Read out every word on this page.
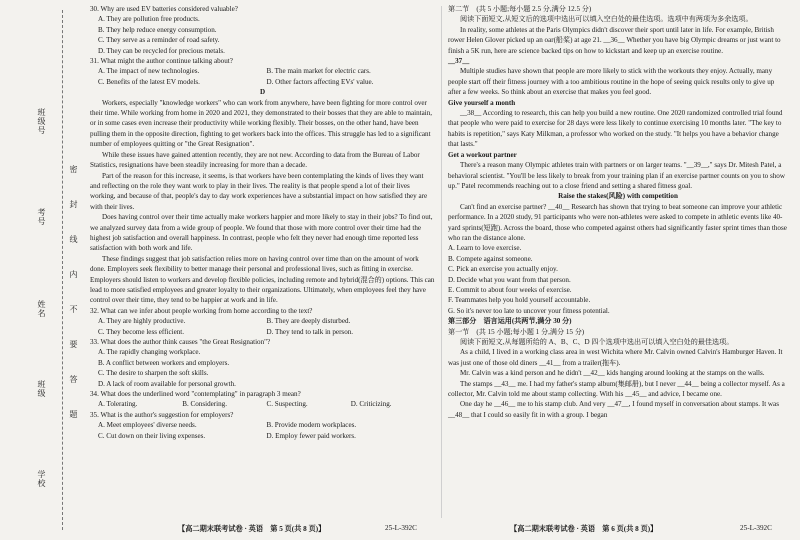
班级号
考号
姓名
班级
学校
密
封
线
内
不
要
答
题

30. Why are used EV batteries considered valuable?

A. They are pollution free products.

B. They help reduce energy consumption.

C. They serve as a reminder of road safety.

D. They can be recycled for precious metals.

31. What might the author continue talking about?

A. The impact of new technologies.	B. The main market for electric cars.
C. Benefits of the latest EV models.	D. Other factors affecting EVs' value.

D

Workers, especially "knowledge workers" who can work from anywhere, have been fighting for more control over their time. While working from home in 2020 and 2021, they demonstrated to their bosses that they are able to maintain, or in some cases even increase their productivity while working flexibly. Their bosses, on the other hand, have been pulling them in the opposite direction, fighting to get workers back into the offices. This struggle has led to a significant number of employees quitting or "the Great Resignation".

While these issues have gained attention recently, they are not new. According to data from the Bureau of Labor Statistics, resignations have been steadily increasing for more than a decade.

Part of the reason for this increase, it seems, is that workers have been contemplating the kinds of lives they want and reflecting on the role they want work to play in their lives. The reality is that people spend a lot of their lives working, and because of that, people's day to day work experiences have a substantial impact on how satisfied they are with their lives.

Does having control over their time actually make workers happier and more likely to stay in their jobs? To find out, we analyzed survey data from a wide group of people. We found that those with more control over their time had the highest job satisfaction and overall happiness. In contrast, people who felt they never had enough time reported less satisfaction with both work and life.

These findings suggest that job satisfaction relies more on having control over time than on the amount of work done. Employers seek flexibility to better manage their personal and professional lives, such as fitting in exercise. Employers should listen to workers and develop flexible policies, including remote and hybrid(混合的) options. This can lead to more satisfied employees and greater loyalty to their organizations. Ultimately, when employees feel they have control over their time, they tend to be happier at work and in life.

32. What can we infer about people working from home according to the text?

A. They are highly productive.	B. They are deeply disturbed.
C. They become less efficient.	D. They tend to talk in person.

33. What does the author think causes "the Great Resignation"?

A. The rapidly changing workplace.

B. A conflict between workers and employers.

C. The desire to sharpen the soft skills.

D. A lack of room available for personal growth.

34. What does the underlined word "contemplating" in paragraph 3 mean?

A. Tolerating.	B. Considering.	C. Suspecting.	D. Criticizing.

35. What is the author's suggestion for employers?

A. Meet employees' diverse needs.	B. Provide modern workplaces.
C. Cut down on their living expenses.	D. Employ fewer paid workers.

第二节　(共 5 小题;每小题 2.5 分,满分 12.5 分)

阅读下面短文,从短文后的选项中选出可以填入空白处的最佳选项。选项中有两项为多余选项。

In reality, some athletes at the Paris Olympics didn't discover their sport until later in life. For example, British rower Helen Glover picked up an oar(船桨) at age 21. __36__ Whether you have big Olympic dreams or just want to finish a 5K run, here are science backed tips on how to kickstart and keep up an exercise routine.

__37__

Multiple studies have shown that people are more likely to stick with the workouts they enjoy. Actually, many people start off their fitness journey with a too ambitious routine in the hope of seeing quick results only to give up after a few weeks. So think about an exercise that makes you feel good.

Give yourself a month

__38__ According to research, this can help you build a new routine. One 2020 randomized controlled trial found that people who were paid to exercise for 28 days were less likely to continue exercising 10 months later. "The key to habits is repetition," says Katy Milkman, a professor who worked on the study. "It helps you have a behavior change that lasts."

Get a workout partner

There's a reason many Olympic athletes train with partners or on larger teams. "__39__," says Dr. Mitesh Patel, a behavioral scientist. "You'll be less likely to break from your training plan if an exercise partner counts on you to show up." Patel recommends reaching out to a close friend and setting a shared fitness goal.

Raise the stakes(风险) with competition

Can't find an exercise partner? __40__ Research has shown that trying to beat someone can improve your athletic performance. In a 2020 study, 91 participants who were non-athletes were asked to compete in athletic events like 40-yard sprints(短跑). Across the board, those who competed against others had significantly faster sprint times than those who ran the distance alone.

A. Learn to love exercise.

B. Compete against someone.

C. Pick an exercise you actually enjoy.

D. Decide what you want from that person.

E. Commit to about four weeks of exercise.

F. Teammates help you hold yourself accountable.

G. So it's never too late to uncover your fitness potential.

第三部分　语言运用(共两节,满分 30 分)

第一节　(共 15 小题;每小题 1 分,满分 15 分)

阅读下面短文,从每题所给的 A、B、C、D 四个选项中选出可以填入空白处的最佳选项。

As a child, I lived in a working class area in west Wichita where Mr. Calvin owned Calvin's Hamburger Haven. It was just one of those old diners __41__ from a trailer(拖车).

Mr. Calvin was a kind person and he didn't __42__ kids hanging around looking at the stamps on the walls.

The stamps __43__ me. I had my father's stamp album(集邮册), but I never __44__ being a collector myself. As a collector, Mr. Calvin told me about stamp collecting. With his __45__ and advice, I became one.

One day he __46__ me to his stamp club. And very __47__, I found myself in conversation about stamps. It was __48__ that I could so easily fit in with a group. I began

【高二期末联考试卷 · 英语　第 5 页(共 8 页)】	25-L-392C	【高二期末联考试卷 · 英语　第 6 页(共 8 页)】	25-L-392C
